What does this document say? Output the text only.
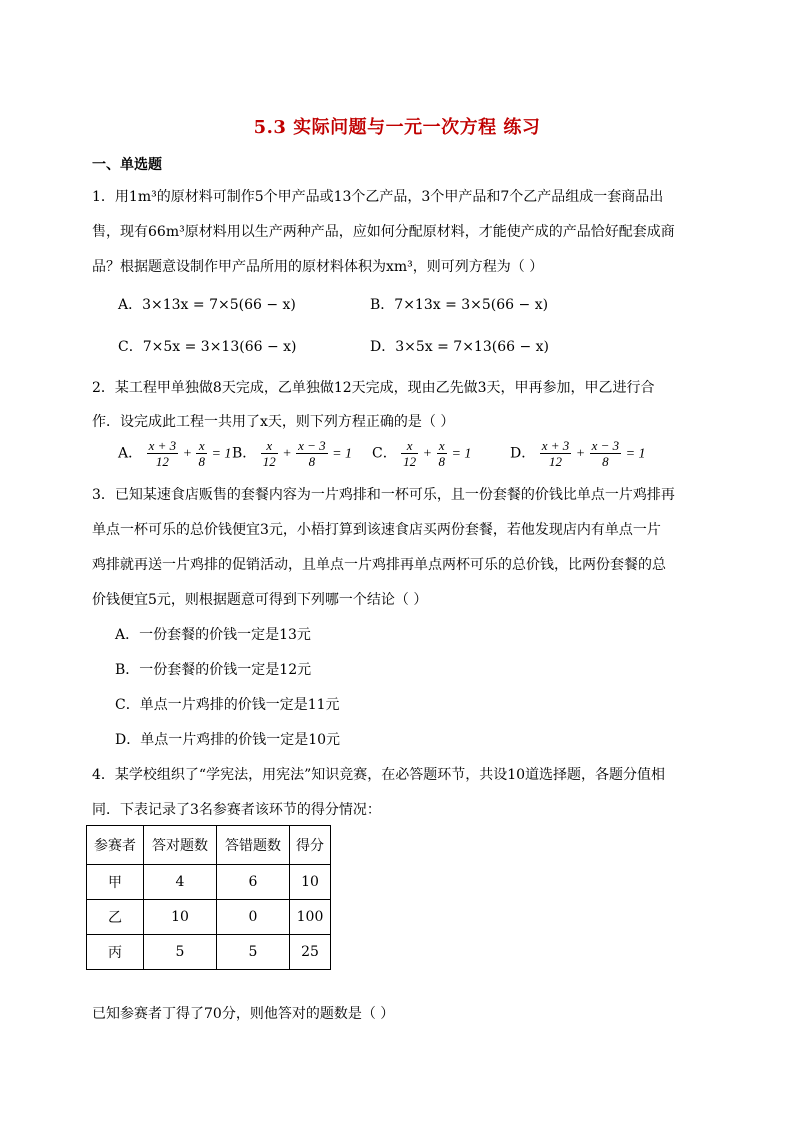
5.3 实际问题与一元一次方程 练习
一、单选题
1．用1m³的原材料可制作5个甲产品或13个乙产品，3个甲产品和7个乙产品组成一套商品出
售，现有66m³原材料用以生产两种产品，应如何分配原材料，才能使产成的产品恰好配套成商
品？根据题意设制作甲产品所用的原材料体积为xm³，则可列方程为（ ）
A．3×13x = 7×5(66 − x)	B．7×13x = 3×5(66 − x)
C．7×5x = 3×13(66 − x)	D．3×5x = 7×13(66 − x)
2．某工程甲单独做8天完成，乙单独做12天完成，现由乙先做3天，甲再参加，甲乙进行合
作．设完成此工程一共用了x天，则下列方程正确的是（ ）
A． $\frac{x + 3}{12} + \frac{x}{8} = 1$ B． $\frac{x}{12} + \frac{x - 3}{8} = 1$ C． $\frac{x}{12} + \frac{x}{8} = 1$	D． $\frac{x + 3}{12} + \frac{x - 3}{8} = 1$
3．已知某速食店贩售的套餐内容为一片鸡排和一杯可乐，且一份套餐的价钱比单点一片鸡排再
单点一杯可乐的总价钱便宜3元，小梧打算到该速食店买两份套餐，若他发现店内有单点一片
鸡排就再送一片鸡排的促销活动，且单点一片鸡排再单点两杯可乐的总价钱，比两份套餐的总
价钱便宜5元，则根据题意可得到下列哪一个结论（ ）
A．一份套餐的价钱一定是13元
B．一份套餐的价钱一定是12元
C．单点一片鸡排的价钱一定是11元
D．单点一片鸡排的价钱一定是10元
4．某学校组织了“学宪法，用宪法”知识竞赛，在必答题环节，共设10道选择题，各题分值相
同．下表记录了3名参赛者该环节的得分情况：
参赛者	答对题数	答错题数	得分
甲	4	6	10
乙	10	0	100
丙	5	5	25
已知参赛者丁得了70分，则他答对的题数是（ ）
